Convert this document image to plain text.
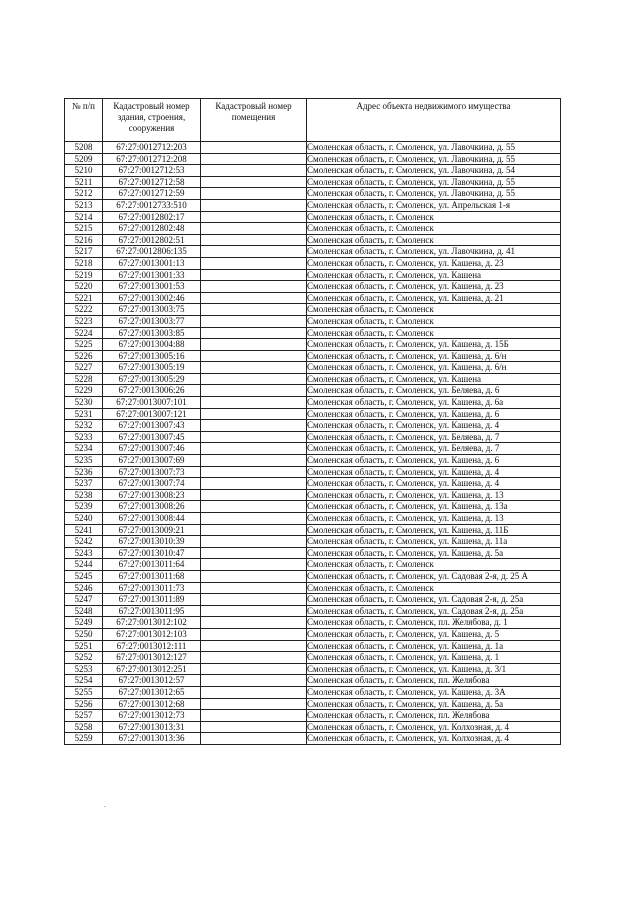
№ п/п	Кадастровый номер здания, строения, сооружения	Кадастровый номер помещения	Адрес объекта недвижимого имущества
5208	67:27:0012712:203		Смоленская область, г. Смоленск, ул. Лавочкина, д. 55
5209	67:27:0012712:208		Смоленская область, г. Смоленск, ул. Лавочкина, д. 55
5210	67:27:0012712:53		Смоленская область, г. Смоленск, ул. Лавочкина, д. 54
5211	67:27:0012712:58		Смоленская область, г. Смоленск, ул. Лавочкина, д. 55
5212	67:27:0012712:59		Смоленская область, г. Смоленск, ул. Лавочкина, д. 55
5213	67:27:0012733:510		Смоленская область, г. Смоленск, ул. Апрельская 1-я
5214	67:27:0012802:17		Смоленская область, г. Смоленск
5215	67:27:0012802:48		Смоленская область, г. Смоленск
5216	67:27:0012802:51		Смоленская область, г. Смоленск
5217	67:27:0012806:135		Смоленская область, г. Смоленск, ул. Лавочкина, д. 41
5218	67:27:0013001:13		Смоленская область, г. Смоленск, ул. Кашена, д. 23
5219	67:27:0013001:33		Смоленская область, г. Смоленск, ул. Кашена
5220	67:27:0013001:53		Смоленская область, г. Смоленск, ул. Кашена, д. 23
5221	67:27:0013002:46		Смоленская область, г. Смоленск, ул. Кашена, д. 21
5222	67:27:0013003:75		Смоленская область, г. Смоленск
5223	67:27:0013003:77		Смоленская область, г. Смоленск
5224	67:27:0013003:85		Смоленская область, г. Смоленск
5225	67:27:0013004:88		Смоленская область, г. Смоленск, ул. Кашена, д. 15Б
5226	67:27:0013005:16		Смоленская область, г. Смоленск, ул. Кашена, д. 6/н
5227	67:27:0013005:19		Смоленская область, г. Смоленск, ул. Кашена, д. 6/н
5228	67:27:0013005:29		Смоленская область, г. Смоленск, ул. Кашена
5229	67:27:0013006:26		Смоленская область, г. Смоленск, ул. Беляева, д. 6
5230	67:27:0013007:101		Смоленская область, г. Смоленск, ул. Кашена, д. 6а
5231	67:27:0013007:121		Смоленская область, г. Смоленск, ул. Кашена, д. 6
5232	67:27:0013007:43		Смоленская область, г. Смоленск, ул. Кашена, д. 4
5233	67:27:0013007:45		Смоленская область, г. Смоленск, ул. Беляева, д. 7
5234	67:27:0013007:46		Смоленская область, г. Смоленск, ул. Беляева, д. 7
5235	67:27:0013007:69		Смоленская область, г. Смоленск, ул. Кашена, д. 6
5236	67:27:0013007:73		Смоленская область, г. Смоленск, ул. Кашена, д. 4
5237	67:27:0013007:74		Смоленская область, г. Смоленск, ул. Кашена, д. 4
5238	67:27:0013008:23		Смоленская область, г. Смоленск, ул. Кашена, д. 13
5239	67:27:0013008:26		Смоленская область, г. Смоленск, ул. Кашена, д. 13а
5240	67:27:0013008:44		Смоленская область, г. Смоленск, ул. Кашена, д. 13
5241	67:27:0013009:21		Смоленская область, г. Смоленск, ул. Кашена, д. 11Б
5242	67:27:0013010:39		Смоленская область, г. Смоленск, ул. Кашена, д. 11а
5243	67:27:0013010:47		Смоленская область, г. Смоленск, ул. Кашена, д. 5а
5244	67:27:0013011:64		Смоленская область, г. Смоленск
5245	67:27:0013011:68		Смоленская область, г. Смоленск, ул. Садовая 2-я, д. 25 А
5246	67:27:0013011:73		Смоленская область, г. Смоленск
5247	67:27:0013011:89		Смоленская область, г. Смоленск, ул. Садовая 2-я, д. 25а
5248	67:27:0013011:95		Смоленская область, г. Смоленск, ул. Садовая 2-я, д. 25а
5249	67:27:0013012:102		Смоленская область, г. Смоленск, пл. Желябова, д. 1
5250	67:27:0013012:103		Смоленская область, г. Смоленск, ул. Кашена, д. 5
5251	67:27:0013012:111		Смоленская область, г. Смоленск, ул. Кашена, д. 1а
5252	67:27:0013012:127		Смоленская область, г. Смоленск, ул. Кашена, д. 1
5253	67:27:0013012:251		Смоленская область, г. Смоленск, ул. Кашена, д. 3/1
5254	67:27:0013012:57		Смоленская область, г. Смоленск, пл. Желябова
5255	67:27:0013012:65		Смоленская область, г. Смоленск, ул. Кашена, д. 3А
5256	67:27:0013012:68		Смоленская область, г. Смоленск, ул. Кашена, д. 5а
5257	67:27:0013012:73		Смоленская область, г. Смоленск, пл. Желябова
5258	67:27:0013013:31		Смоленская область, г. Смоленск, ул. Колхозная, д. 4
5259	67:27:0013013:36		Смоленская область, г. Смоленск, ул. Колхозная, д. 4
.
